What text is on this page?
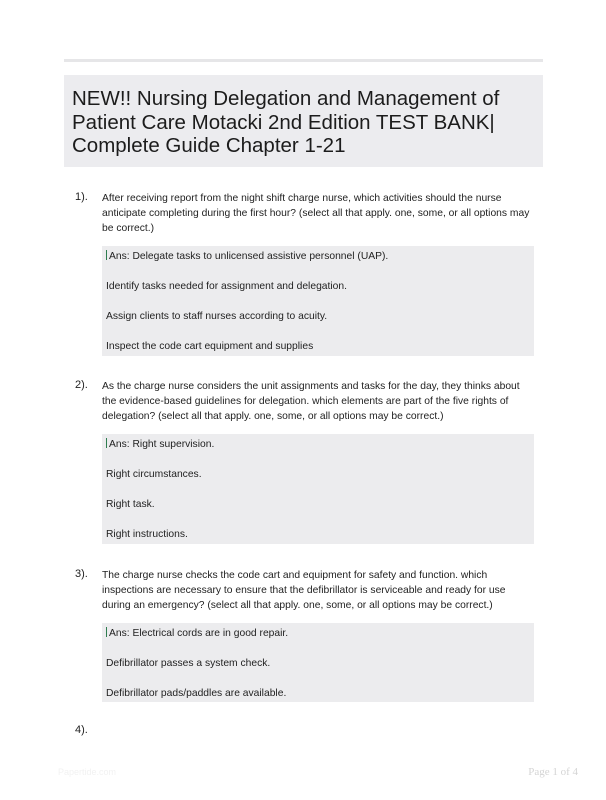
NEW!! Nursing Delegation and Management of Patient Care Motacki 2nd Edition TEST BANK| Complete Guide Chapter 1-21
1). After receiving report from the night shift charge nurse, which activities should the nurse anticipate completing during the first hour? (select all that apply. one, some, or all options may be correct.)
Ans: Delegate tasks to unlicensed assistive personnel (UAP).
Identify tasks needed for assignment and delegation.
Assign clients to staff nurses according to acuity.
Inspect the code cart equipment and supplies
2). As the charge nurse considers the unit assignments and tasks for the day, they thinks about the evidence-based guidelines for delegation. which elements are part of the five rights of delegation? (select all that apply. one, some, or all options may be correct.)
Ans: Right supervision.
Right circumstances.
Right task.
Right instructions.
3). The charge nurse checks the code cart and equipment for safety and function. which inspections are necessary to ensure that the defibrillator is serviceable and ready for use during an emergency? (select all that apply. one, some, or all options may be correct.)
Ans: Electrical cords are in good repair.
Defibrillator passes a system check.
Defibrillator pads/paddles are available.
4).
Papertide.com	Page 1 of 4
